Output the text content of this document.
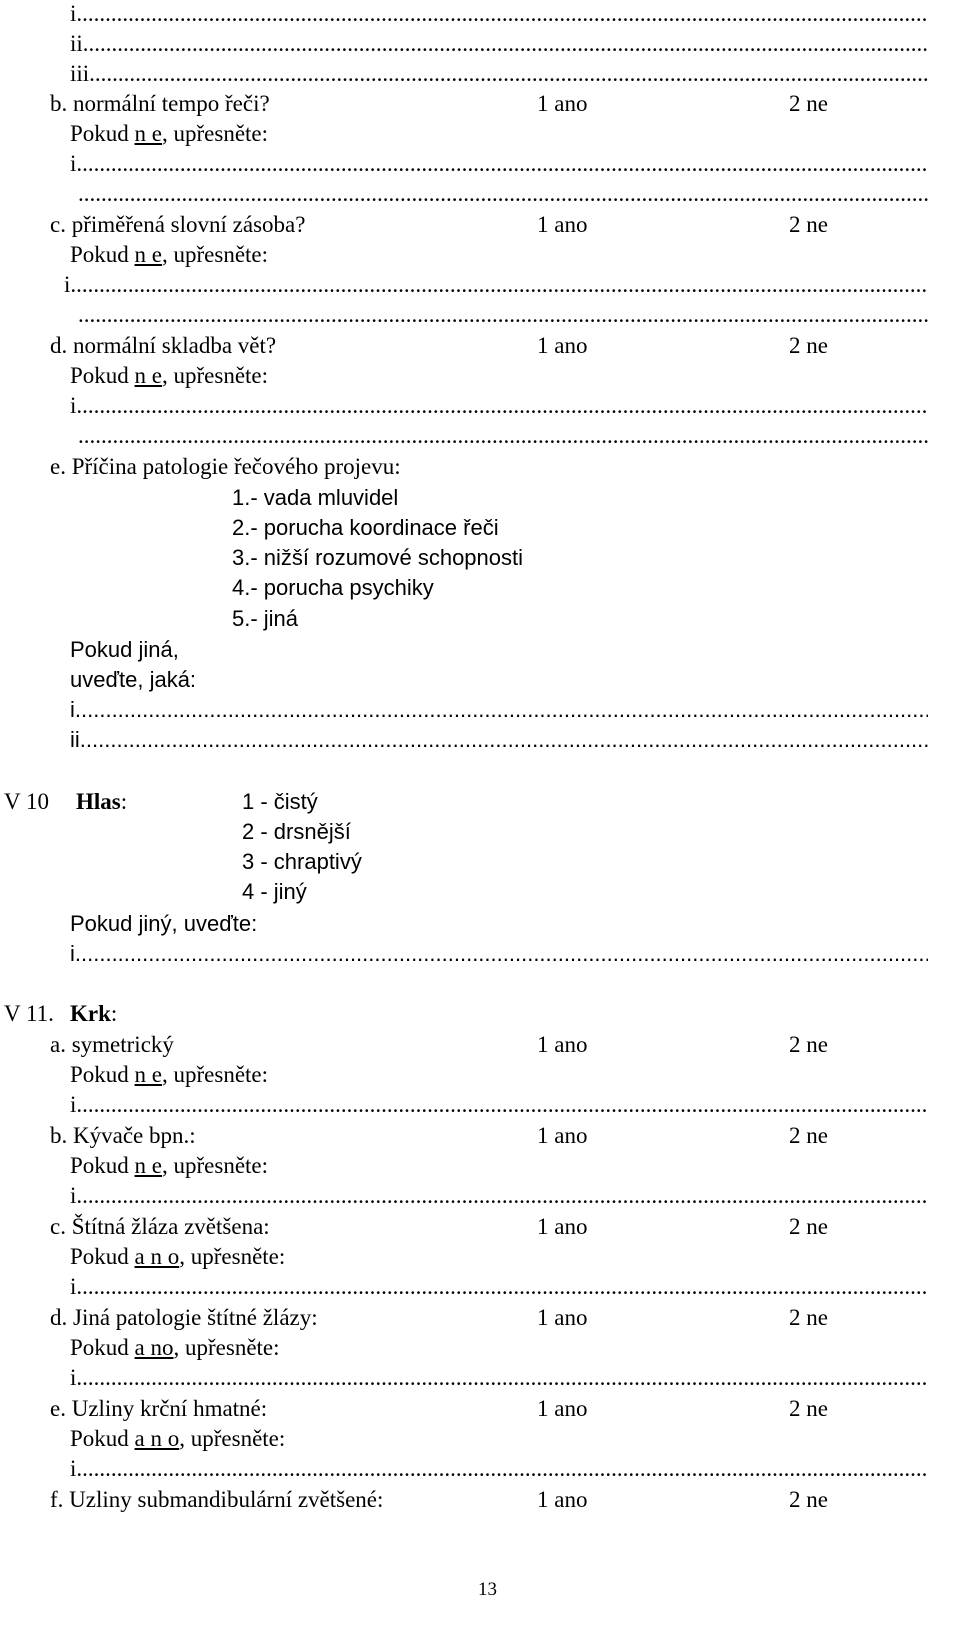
i .....
ii .....
iii .....
b. normální tempo řeči?	1 ano	2 ne
Pokud n e, upřesněte:
i .....
.....
c. přiměřená slovní zásoba?	1 ano	2 ne
Pokud n e, upřesněte:
i .....
.....
d. normální skladba vět?	1 ano	2 ne
Pokud n e, upřesněte:
i .....
.....
e. Příčina patologie řečového projevu:
1.- vada mluvidel
2.- porucha koordinace řeči
3.- nižší rozumové schopnosti
4.- porucha psychiky
5.- jiná
Pokud jiná,
uveďte, jaká:
i .....
ii .....
V 10 Hlas:	1 - čistý
2 - drsnější
3 - chraptivý
4 - jiný
Pokud jiný, uveďte:
i .....
V 11. Krk:
a. symetrický	1 ano	2 ne
Pokud n e, upřesněte:
i .....
b. Kývače bpn.:	1 ano	2 ne
Pokud n e, upřesněte:
i .....
c. Štítná žláza zvětšena:	1 ano	2 ne
Pokud a n o, upřesněte:
i .....
d. Jiná patologie štítné žlázy:	1 ano	2 ne
Pokud a no, upřesněte:
i .....
e. Uzliny krční hmatné:	1 ano	2 ne
Pokud a n o, upřesněte:
i .....
f. Uzliny submandibulární zvětšené:	1 ano	2 ne
13
